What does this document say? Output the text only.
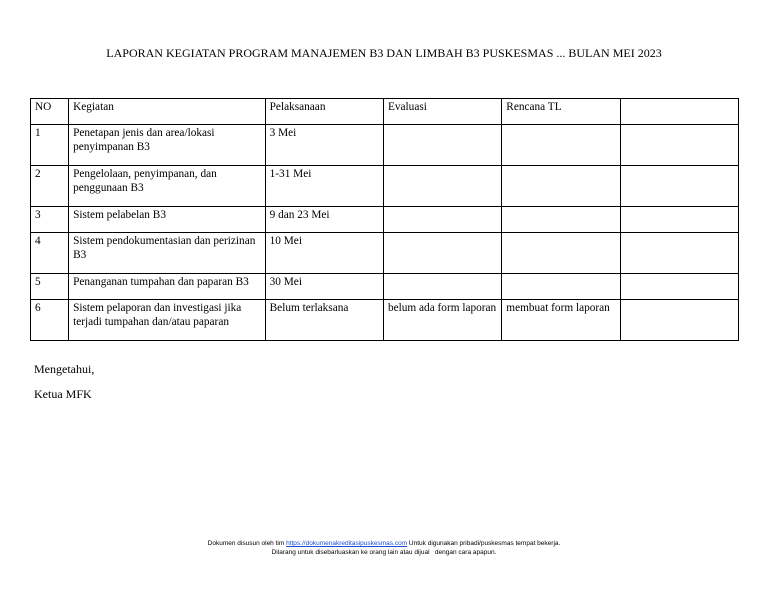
LAPORAN KEGIATAN PROGRAM MANAJEMEN B3 DAN LIMBAH B3 PUSKESMAS ... BULAN MEI 2023
NO	Kegiatan	Pelaksanaan	Evaluasi	Rencana TL	
1	Penetapan jenis dan area/lokasi penyimpanan B3	3 Mei			
2	Pengelolaan, penyimpanan, dan penggunaan B3	1-31 Mei			
3	Sistem pelabelan B3	9 dan 23 Mei			
4	Sistem pendokumentasian dan perizinan B3	10 Mei			
5	Penanganan tumpahan dan paparan B3	30 Mei			
6	Sistem pelaporan dan investigasi jika terjadi tumpahan dan/atau paparan	Belum terlaksana	belum ada form laporan	membuat form laporan	
Mengetahui,
Ketua MFK
Dokumen disusun oleh tim https://dokumenakreditasipuskesmas.com Untuk digunakan pribadi/puskesmas tempat bekerja.
Dilarang untuk disebarluaskan ke orang lain atau dijual   dengan cara apapun.
